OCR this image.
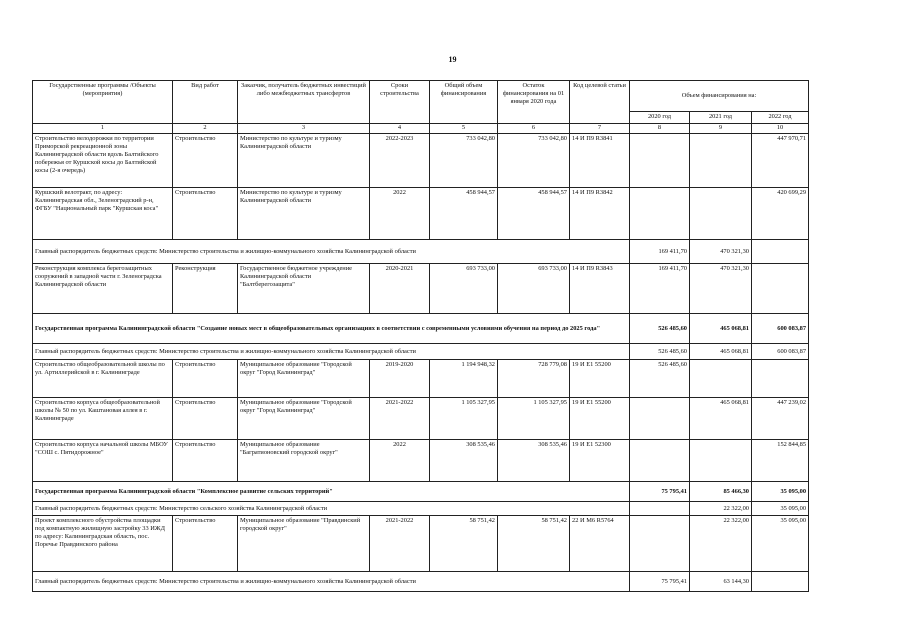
19
Государственные программы /Объекты (мероприятия)	Вид работ	Заказчик, получатель бюджетных инвестиций либо межбюджетных трансфертов	Сроки строительства	Общий объем финансирования	Остаток финансирования на 01 января 2020 года	Код целевой статьи	Объем финансирования на:		
							2020 год	2021 год	2022 год
1	2	3	4	5	6	7	8	9	10
Строительство велодорожки по территории Приморской рекреационной зоны Калининградской области вдоль Балтийского побережья от Куршской косы до Балтийской косы (2-я очередь)	Строительство	Министерство по культуре и туризму Калининградской области	2022-2023	733 042,80	733 042,80	14 И П9 R3841			447 970,71
Куршский велотракт, по адресу: Калининградская обл., Зеленоградский р-н, ФГБУ "Национальный парк "Куршская коса"	Строительство	Министерство по культуре и туризму Калининградской области	2022	458 944,57	458 944,57	14 И П9 R3842			420 699,29
Главный распорядитель бюджетных средств: Министерство строительства и жилищно-коммунального хозяйства Калининградской области							169 411,70	470 321,30	
Реконструкция комплекса берегозащитных сооружений в западной части г. Зеленоградска Калининградской области	Реконструкция	Государственное бюджетное учреждение Калининградской области "Балтберегозащита"	2020-2021	693 733,00	693 733,00	14 И П9 R3843	169 411,70	470 321,30	
Государственная программа Калининградской области "Создание новых мест в общеобразовательных организациях в соответствии с современными условиями обучения на период до 2025 года"							526 485,60	465 068,81	600 083,87
Главный распорядитель бюджетных средств: Министерство строительства и жилищно-коммунального хозяйства Калининградской области							526 485,60	465 068,81	600 083,87
Строительство общеобразовательной школы по ул. Артиллерийской в г. Калининграде	Строительство	Муниципальное образование "Городской округ "Город Калининград"	2019-2020	1 194 948,32	728 779,08	19 И Е1 55200	526 485,60		
Строительство корпуса общеобразовательной школы № 50 по ул. Каштановая аллея в г. Калининграде	Строительство	Муниципальное образование "Городской округ "Город Калининград"	2021-2022	1 105 327,95	1 105 327,95	19 И Е1 55200		465 068,81	447 239,02
Строительство корпуса начальной школы МБОУ "СОШ с. Пятидорожное"	Строительство	Муниципальное образование "Багратионовский городской округ"	2022	308 535,46	308 535,46	19 И Е1 52300			152 844,85
Государственная программа Калининградской области "Комплексное развитие сельских территорий"							75 795,41	85 466,30	35 095,00
Главный распорядитель бюджетных средств: Министерство сельского хозяйства Калининградской области								22 322,00	35 095,00
Проект комплексного обустройства площадки под компактную жилищную застройку 33 ИЖД по адресу: Калининградская область, пос. Поречье Правдинского района	Строительство	Муниципальное образование "Правдинский городской округ"	2021-2022	58 751,42	58 751,42	22 И М6 R5764		22 322,00	35 095,00
Главный распорядитель бюджетных средств: Министерство строительства и жилищно-коммунального хозяйства Калининградской области							75 795,41	63 144,30	
